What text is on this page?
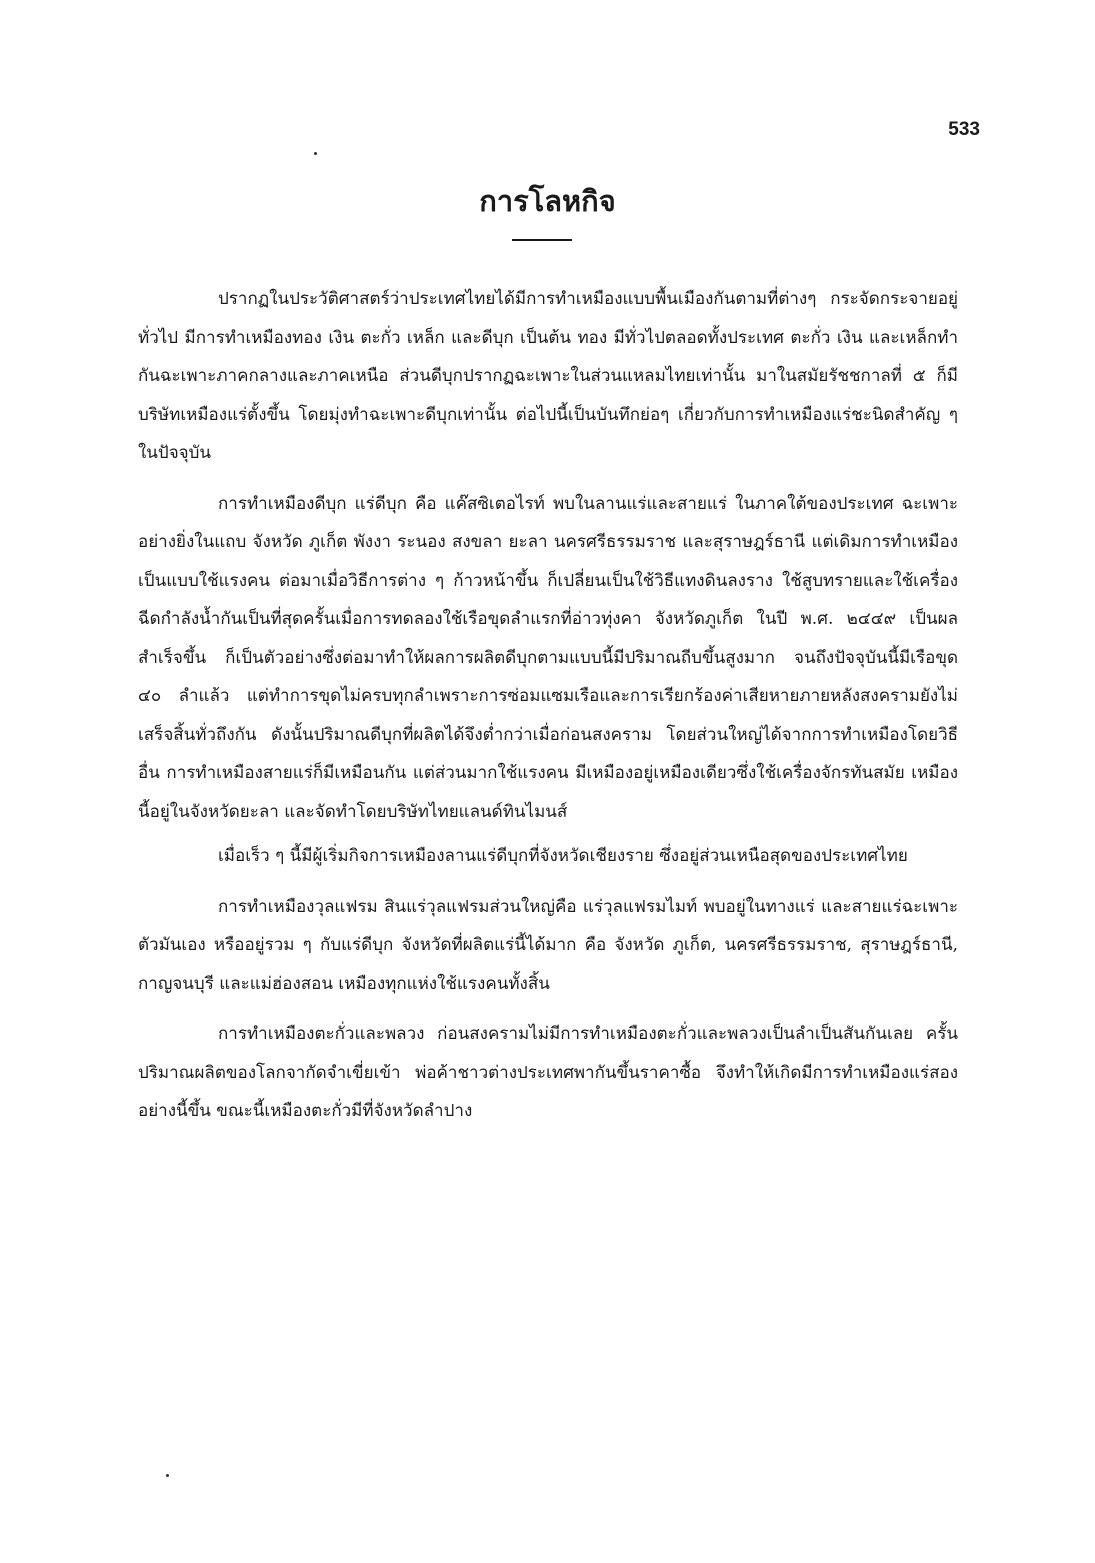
533
การโลหกิจ

ปรากฏในประวัติศาสตร์ว่าประเทศไทยได้มีการทำเหมืองแบบพื้นเมืองกันตามที่ต่างๆ กระจัดกระจายอยู่ทั่วไป มีการทำเหมืองทอง เงิน ตะกั่ว เหล็ก และดีบุก เป็นต้น ทอง มีทั่วไปตลอดทั้งประเทศ ตะกั่ว เงิน และเหล็กทำกันฉะเพาะภาคกลางและภาคเหนือ ส่วนดีบุกปรากฏฉะเพาะในส่วนแหลมไทยเท่านั้น มาในสมัยรัชชกาลที่ ๕ ก็มีบริษัทเหมืองแร่ตั้งขึ้น โดยมุ่งทำฉะเพาะดีบุกเท่านั้น ต่อไปนี้เป็นบันทึกย่อๆ เกี่ยวกับการทำเหมืองแร่ชะนิดสำคัญ ๆ ในปัจจุบัน

การทำเหมืองดีบุก แร่ดีบุก คือ แค๊สซิเตอไรท์ พบในลานแร่และสายแร่ ในภาคใต้ของประเทศ ฉะเพาะอย่างยิ่งในแถบ จังหวัด ภูเก็ต พังงา ระนอง สงขลา ยะลา นครศรีธรรมราช และสุราษฎร์ธานี แต่เดิมการทำเหมืองเป็นแบบใช้แรงคน ต่อมาเมื่อวิธีการต่าง ๆ ก้าวหน้าขึ้น ก็เปลี่ยนเป็นใช้วิธีแทงดินลงราง ใช้สูบทรายและใช้เครื่องฉีดกำลังน้ำกันเป็นที่สุดครั้นเมื่อการทดลองใช้เรือขุดลำแรกที่อ่าวทุ่งคา จังหวัดภูเก็ต ในปี พ.ศ. ๒๔๔๙ เป็นผลสำเร็จขึ้น ก็เป็นตัวอย่างซึ่งต่อมาทำให้ผลการผลิตดีบุกตามแบบนี้มีปริมาณถีบขึ้นสูงมาก จนถึงปัจจุบันนี้มีเรือขุด ๔๐ ลำแล้ว แต่ทำการขุดไม่ครบทุกลำเพราะการซ่อมแซมเรือและการเรียกร้องค่าเสียหายภายหลังสงครามยังไม่เสร็จสิ้นทั่วถึงกัน ดังนั้นปริมาณดีบุกที่ผลิตได้จึงต่ำกว่าเมื่อก่อนสงคราม โดยส่วนใหญ่ได้จากการทำเหมืองโดยวิธีอื่น การทำเหมืองสายแร่ก็มีเหมือนกัน แต่ส่วนมากใช้แรงคน มีเหมืองอยู่เหมืองเดียวซึ่งใช้เครื่องจักรทันสมัย เหมืองนี้อยู่ในจังหวัดยะลา และจัดทำโดยบริษัทไทยแลนด์ทินไมนส์

เมื่อเร็ว ๆ นี้มีผู้เริ่มกิจการเหมืองลานแร่ดีบุกที่จังหวัดเชียงราย ซึ่งอยู่ส่วนเหนือสุดของประเทศไทย

การทำเหมืองวุลแฟรม สินแร่วุลแฟรมส่วนใหญ่คือ แร่วุลแฟรมไมท์ พบอยู่ในทางแร่ และสายแร่ฉะเพาะตัวมันเอง หรืออยู่รวม ๆ กับแร่ดีบุก จังหวัดที่ผลิตแร่นี้ได้มาก คือ จังหวัด ภูเก็ต, นครศรีธรรมราช, สุราษฎร์ธานี, กาญจนบุรี และแม่ฮ่องสอน เหมืองทุกแห่งใช้แรงคนทั้งสิ้น

การทำเหมืองตะกั่วและพลวง ก่อนสงครามไม่มีการทำเหมืองตะกั่วและพลวงเป็นลำเป็นสันกันเลย ครั้นปริมาณผลิตของโลกจากัดจำเขี่ยเข้า พ่อค้าชาวต่างประเทศพากันขึ้นราคาซื้อ จึงทำให้เกิดมีการทำเหมืองแร่สองอย่างนี้ขึ้น ขณะนี้เหมืองตะกั่วมีที่จังหวัดลำปาง
